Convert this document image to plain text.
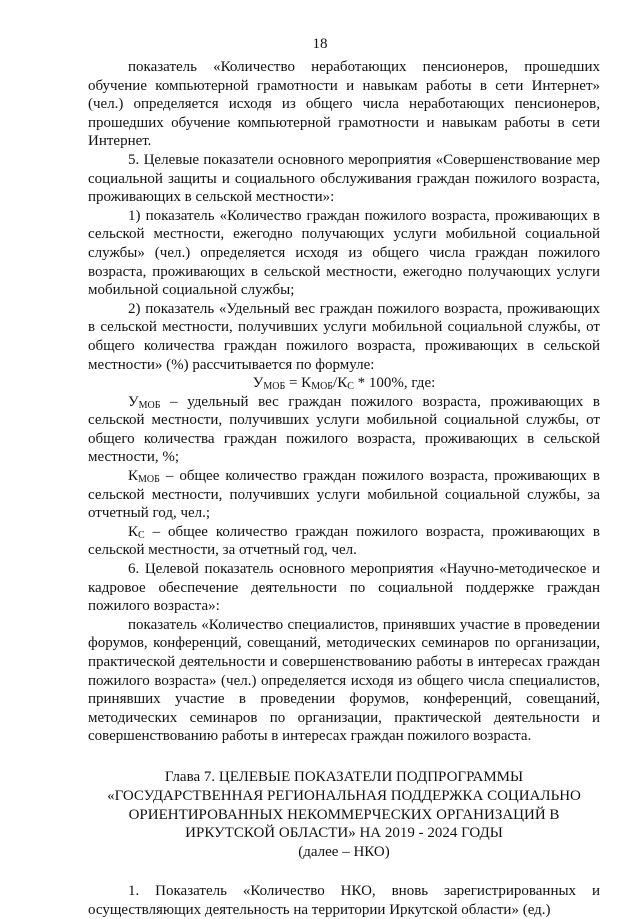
18

показатель «Количество неработающих пенсионеров, прошедших обучение компьютерной грамотности и навыкам работы в сети Интернет» (чел.) определяется исходя из общего числа неработающих пенсионеров, прошедших обучение компьютерной грамотности и навыкам работы в сети Интернет.

5. Целевые показатели основного мероприятия «Совершенствование мер социальной защиты и социального обслуживания граждан пожилого возраста, проживающих в сельской местности»:

1) показатель «Количество граждан пожилого возраста, проживающих в сельской местности, ежегодно получающих услуги мобильной социальной службы» (чел.) определяется исходя из общего числа граждан пожилого возраста, проживающих в сельской местности, ежегодно получающих услуги мобильной социальной службы;

2) показатель «Удельный вес граждан пожилого возраста, проживающих в сельской местности, получивших услуги мобильной социальной службы, от общего количества граждан пожилого возраста, проживающих в сельской местности» (%) рассчитывается по формуле:

$У_{МОБ} = К_{МОБ}/К_С * 100\%$, где:

$У_{МОБ}$ – удельный вес граждан пожилого возраста, проживающих в сельской местности, получивших услуги мобильной социальной службы, от общего количества граждан пожилого возраста, проживающих в сельской местности, %;

$К_{МОБ}$ – общее количество граждан пожилого возраста, проживающих в сельской местности, получивших услуги мобильной социальной службы, за отчетный год, чел.;

$К_С$ – общее количество граждан пожилого возраста, проживающих в сельской местности, за отчетный год, чел.

6. Целевой показатель основного мероприятия «Научно-методическое и кадровое обеспечение деятельности по социальной поддержке граждан пожилого возраста»:

показатель «Количество специалистов, принявших участие в проведении форумов, конференций, совещаний, методических семинаров по организации, практической деятельности и совершенствованию работы в интересах граждан пожилого возраста» (чел.) определяется исходя из общего числа специалистов, принявших участие в проведении форумов, конференций, совещаний, методических семинаров по организации, практической деятельности и совершенствованию работы в интересах граждан пожилого возраста.

Глава 7. ЦЕЛЕВЫЕ ПОКАЗАТЕЛИ ПОДПРОГРАММЫ
«ГОСУДАРСТВЕННАЯ РЕГИОНАЛЬНАЯ ПОДДЕРЖКА СОЦИАЛЬНО
ОРИЕНТИРОВАННЫХ НЕКОММЕРЧЕСКИХ ОРГАНИЗАЦИЙ В
ИРКУТСКОЙ ОБЛАСТИ» НА 2019 - 2024 ГОДЫ
(далее – НКО)

1. Показатель «Количество НКО, вновь зарегистрированных и осуществляющих деятельность на территории Иркутской области» (ед.)
